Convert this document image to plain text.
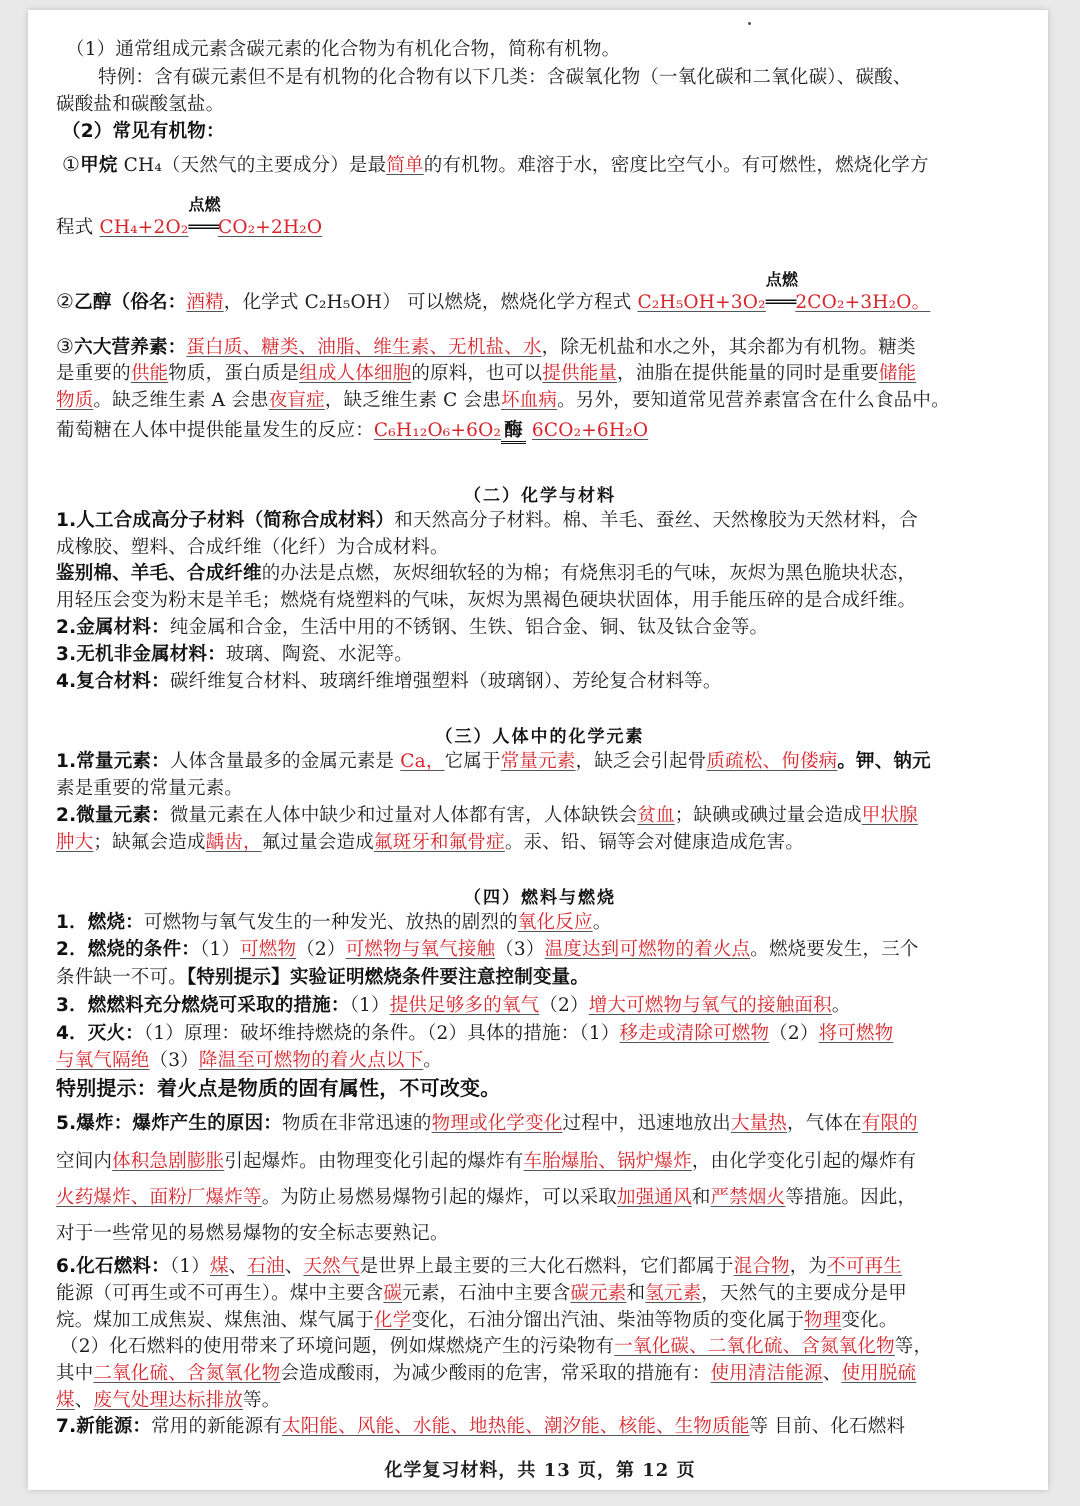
（1）通常组成元素含碳元素的化合物为有机化合物，简称有机物。
特例：含有碳元素但不是有机物的化合物有以下几类：含碳氧化物（一氧化碳和二氧化碳）、碳酸、
碳酸盐和碳酸氢盐。
（2）常见有机物：
①甲烷 CH₄（天然气的主要成分）是最简单的有机物。难溶于水，密度比空气小。有可燃性，燃烧化学方
程式 CH₄+2O₂
点燃
═══CO₂+2H₂O
②乙醇（俗名：酒精，化学式 C₂H₅OH） 可以燃烧，燃烧化学方程式 C₂H₅OH+3O₂
点燃
═══2CO₂+3H₂O。
③六大营养素：蛋白质、糖类、油脂、维生素、无机盐、水，除无机盐和水之外，其余都为有机物。糖类
是重要的供能物质，蛋白质是组成人体细胞的原料，也可以提供能量，油脂在提供能量的同时是重要储能
物质。缺乏维生素 A 会患夜盲症，缺乏维生素 C 会患坏血病。另外，要知道常见营养素富含在什么食品中。
葡萄糖在人体中提供能量发生的反应：C₆H₁₂O₆+6O₂ 酶 6CO₂+6H₂O
（二）化学与材料
1.人工合成高分子材料（简称合成材料）和天然高分子材料。棉、羊毛、蚕丝、天然橡胶为天然材料，合
成橡胶、塑料、合成纤维（化纤）为合成材料。
鉴别棉、羊毛、合成纤维的办法是点燃，灰烬细软轻的为棉；有烧焦羽毛的气味，灰烬为黑色脆块状态，
用轻压会变为粉末是羊毛；燃烧有烧塑料的气味，灰烬为黑褐色硬块状固体，用手能压碎的是合成纤维。
2.金属材料：纯金属和合金，生活中用的不锈钢、生铁、铝合金、铜、钛及钛合金等。
3.无机非金属材料：玻璃、陶瓷、水泥等。
4.复合材料：碳纤维复合材料、玻璃纤维增强塑料（玻璃钢）、芳纶复合材料等。
（三）人体中的化学元素
1.常量元素：人体含量最多的金属元素是 Ca，它属于常量元素，缺乏会引起骨质疏松、佝偻病。钾、钠元
素是重要的常量元素。
2.微量元素：微量元素在人体中缺少和过量对人体都有害，人体缺铁会贫血；缺碘或碘过量会造成甲状腺
肿大；缺氟会造成龋齿，氟过量会造成氟斑牙和氟骨症。汞、铅、镉等会对健康造成危害。
（四）燃料与燃烧
1．燃烧：可燃物与氧气发生的一种发光、放热的剧烈的氧化反应。
2．燃烧的条件：（1）可燃物（2）可燃物与氧气接触（3）温度达到可燃物的着火点。燃烧要发生，三个
条件缺一不可。【特别提示】实验证明燃烧条件要注意控制变量。
3．燃燃料充分燃烧可采取的措施：（1）提供足够多的氧气（2）增大可燃物与氧气的接触面积。
4．灭火：（1）原理：破坏维持燃烧的条件。（2）具体的措施：（1）移走或清除可燃物（2）将可燃物
与氧气隔绝（3）降温至可燃物的着火点以下。
特别提示：着火点是物质的固有属性，不可改变。
5.爆炸：爆炸产生的原因：物质在非常迅速的物理或化学变化过程中，迅速地放出大量热，气体在有限的
空间内体积急剧膨胀引起爆炸。由物理变化引起的爆炸有车胎爆胎、锅炉爆炸，由化学变化引起的爆炸有
火药爆炸、面粉厂爆炸等。为防止易燃易爆物引起的爆炸，可以采取加强通风和严禁烟火等措施。因此，
对于一些常见的易燃易爆物的安全标志要熟记。
6.化石燃料：（1）煤、石油、天然气是世界上最主要的三大化石燃料，它们都属于混合物，为不可再生
能源（可再生或不可再生）。煤中主要含碳元素，石油中主要含碳元素和氢元素，天然气的主要成分是甲
烷。煤加工成焦炭、煤焦油、煤气属于化学变化，石油分馏出汽油、柴油等物质的变化属于物理变化。
（2）化石燃料的使用带来了环境问题，例如煤燃烧产生的污染物有一氧化碳、二氧化硫、含氮氧化物等，
其中二氧化硫、含氮氧化物会造成酸雨，为减少酸雨的危害，常采取的措施有：使用清洁能源、使用脱硫
煤、废气处理达标排放等。
7.新能源：常用的新能源有太阳能、风能、水能、地热能、潮汐能、核能、生物质能等 目前、化石燃料
化学复习材料，共 13 页，第 12 页
